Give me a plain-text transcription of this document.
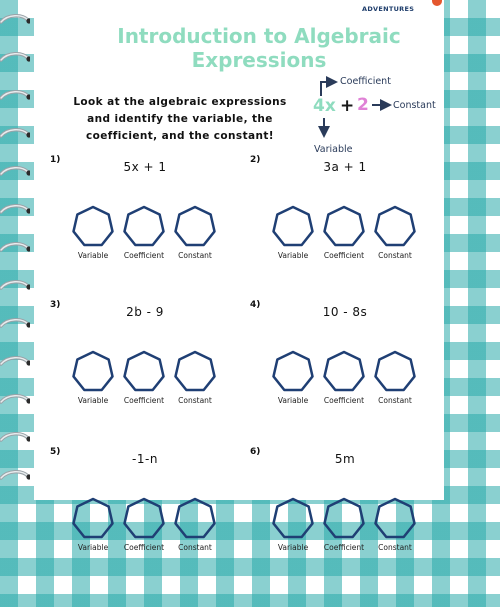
ADVENTURES
Introduction to Algebraic
Expressions
Look at the algebraic expressions and identify the variable, the coefficient, and the constant!
4x + 2
Coefficient
Constant
Variable
1)	5x + 1
Variable	Coefficient	Constant
2)	3a + 1
Variable	Coefficient	Constant
3)	2b - 9
Variable	Coefficient	Constant
4)	10 - 8s
Variable	Coefficient	Constant
5)	-1-n
Variable	Coefficient	Constant
6)	5m
Variable	Coefficient	Constant
